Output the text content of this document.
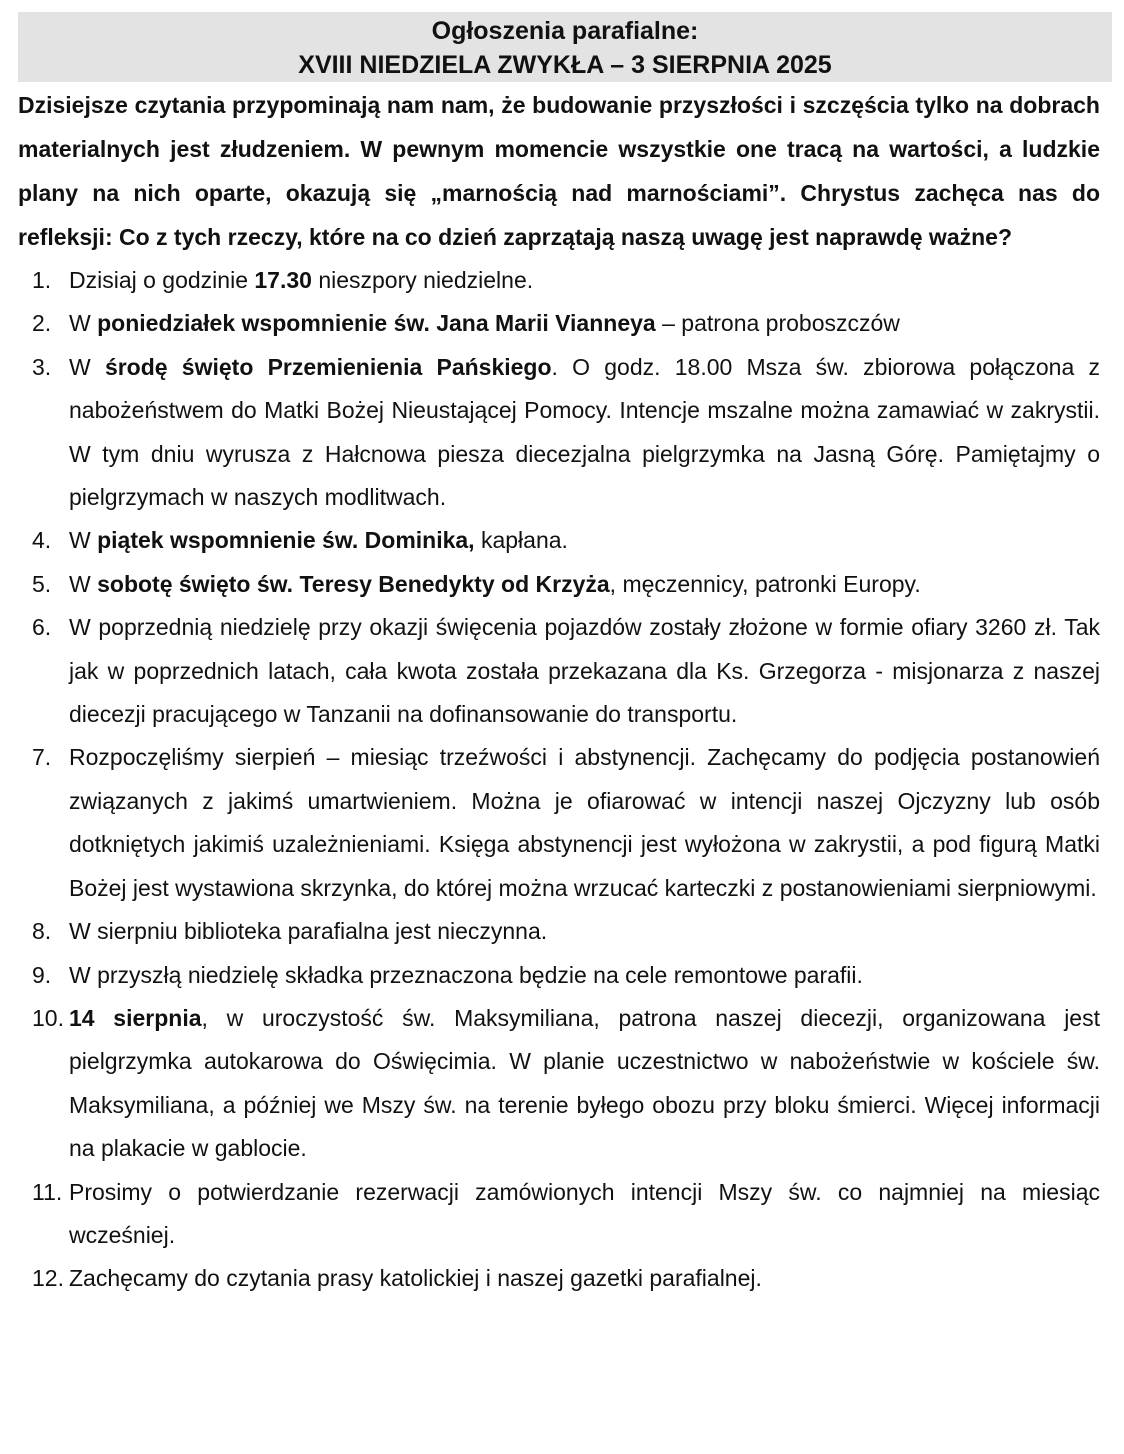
Ogłoszenia parafialne:
XVIII NIEDZIELA ZWYKŁA – 3 SIERPNIA 2025
Dzisiejsze czytania przypominają nam nam, że budowanie przyszłości i szczęścia tylko na dobrach materialnych jest złudzeniem. W pewnym momencie wszystkie one tracą na wartości, a ludzkie plany na nich oparte, okazują się „marnością nad marnościami”. Chrystus zachęca nas do refleksji: Co z tych rzeczy, które na co dzień zaprzątają naszą uwagę jest naprawdę ważne?
1. Dzisiaj o godzinie 17.30 nieszpory niedzielne.
2. W poniedziałek wspomnienie św. Jana Marii Vianneya – patrona proboszczów
3. W środę święto Przemienienia Pańskiego. O godz. 18.00 Msza św. zbiorowa połączona z nabożeństwem do Matki Bożej Nieustającej Pomocy. Intencje mszalne można zamawiać w zakrystii. W tym dniu wyrusza z Hałcnowa piesza diecezjalna pielgrzymka na Jasną Górę. Pamiętajmy o pielgrzymach w naszych modlitwach.
4. W piątek wspomnienie św. Dominika, kapłana.
5. W sobotę święto św. Teresy Benedykty od Krzyża, męczennicy, patronki Europy.
6. W poprzednią niedzielę przy okazji święcenia pojazdów zostały złożone w formie ofiary 3260 zł. Tak jak w poprzednich latach, cała kwota została przekazana dla Ks. Grzegorza - misjonarza z naszej diecezji pracującego w Tanzanii na dofinansowanie do transportu.
7. Rozpoczęliśmy sierpień – miesiąc trzeźwości i abstynencji. Zachęcamy do podjęcia postanowień związanych z jakimś umartwieniem. Można je ofiarować w intencji naszej Ojczyzny lub osób dotkniętych jakimiś uzależnieniami. Księga abstynencji jest wyłożona w zakrystii, a pod figurą Matki Bożej jest wystawiona skrzynka, do której można wrzucać karteczki z postanowieniami sierpniowymi.
8. W sierpniu biblioteka parafialna jest nieczynna.
9. W przyszłą niedzielę składka przeznaczona będzie na cele remontowe parafii.
10. 14 sierpnia, w uroczystość św. Maksymiliana, patrona naszej diecezji, organizowana jest pielgrzymka autokarowa do Oświęcimia. W planie uczestnictwo w nabożeństwie w kościele św. Maksymiliana, a później we Mszy św. na terenie byłego obozu przy bloku śmierci. Więcej informacji na plakacie w gablocie.
11. Prosimy o potwierdzanie rezerwacji zamówionych intencji Mszy św. co najmniej na miesiąc wcześniej.
12. Zachęcamy do czytania prasy katolickiej i naszej gazetki parafialnej.
